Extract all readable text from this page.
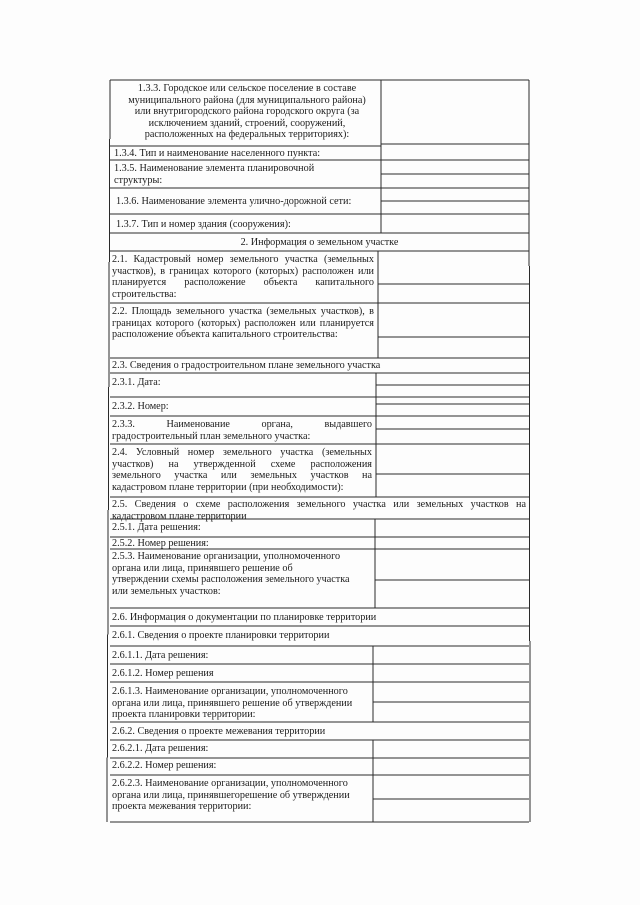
1.3.3. Городское или сельское поселение в составе
муниципального района (для муниципального района)
или внутригородского района городского округа (за
исключением зданий, строений, сооружений,
расположенных на федеральных территориях):
1.3.4. Тип и наименование населенного пункта:
1.3.5. Наименование элемента планировочной
структуры:
1.3.6. Наименование элемента улично-дорожной сети:
1.3.7. Тип и номер здания (сооружения):
2. Информация о земельном участке
2.1. Кадастровый номер земельного участка (земельных участков), в границах которого (которых) расположен или планируется расположение объекта капитального строительства:
2.2. Площадь земельного участка (земельных участков), в границах которого (которых) расположен или планируется расположение объекта капитального строительства:
2.3. Сведения о градостроительном плане земельного участка
2.3.1. Дата:
2.3.2. Номер:
2.3.3. Наименование органа, выдавшего градостроительный план земельного участка:
2.4. Условный номер земельного участка (земельных участков) на утвержденной схеме расположения земельного участка или земельных участков на кадастровом плане территории (при необходимости):
2.5. Сведения о схеме расположения земельного участка или земельных участков на кадастровом плане территории
2.5.1. Дата решения:
2.5.2. Номер решения:
2.5.3. Наименование организации, уполномоченного
органа или лица, принявшего решение об
утверждении схемы расположения земельного участка
или земельных участков:
2.6. Информация о документации по планировке территории
2.6.1. Сведения о проекте планировки территории
2.6.1.1. Дата решения:
2.6.1.2. Номер решения
2.6.1.3. Наименование организации, уполномоченного
органа или лица, принявшего решение об утверждении
проекта планировки территории:
2.6.2. Сведения о проекте межевания территории
2.6.2.1. Дата решения:
2.6.2.2. Номер решения:
2.6.2.3. Наименование организации, уполномоченного
органа или лица, принявшегорешение об утверждении
проекта межевания территории:
